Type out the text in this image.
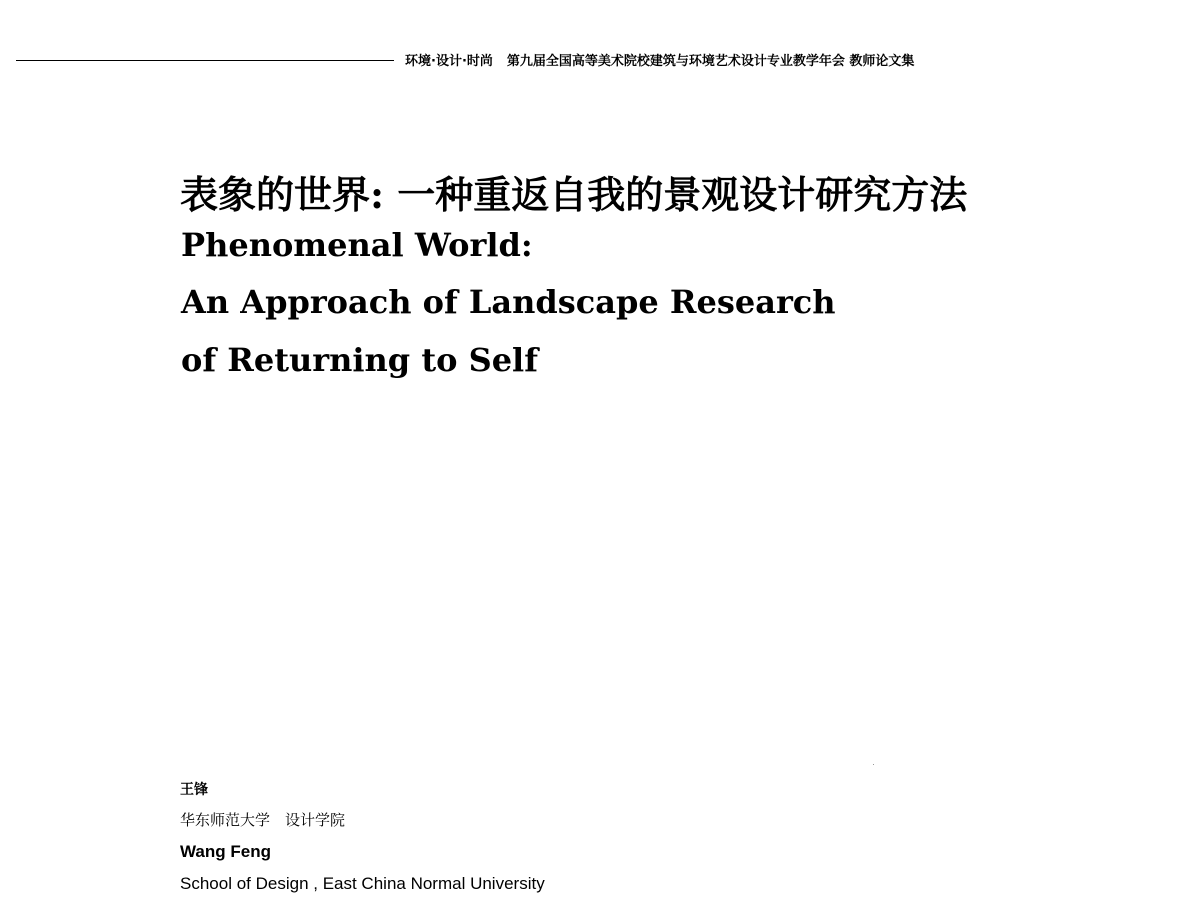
环境·设计·时尚 第九届全国高等美术院校建筑与环境艺术设计专业教学年会 教师论文集
表象的世界: 一种重返自我的景观设计研究方法
Phenomenal World:
An Approach of Landscape Research
of Returning to Self
王锋
华东师范大学　设计学院
Wang Feng
School of Design , East China Normal University
